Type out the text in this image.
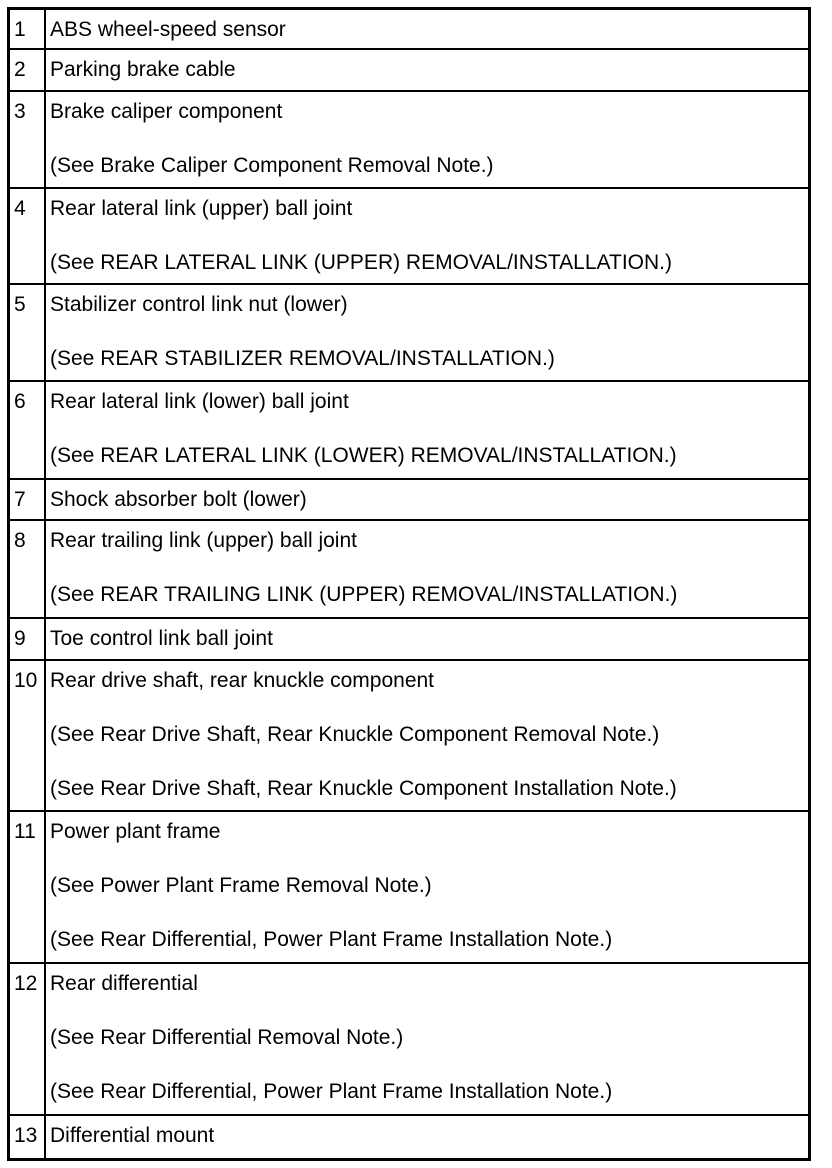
1	ABS wheel-speed sensor
2	Parking brake cable
3	Brake caliper component
(See Brake Caliper Component Removal Note.)
4	Rear lateral link (upper) ball joint
(See REAR LATERAL LINK (UPPER) REMOVAL/INSTALLATION.)
5	Stabilizer control link nut (lower)
(See REAR STABILIZER REMOVAL/INSTALLATION.)
6	Rear lateral link (lower) ball joint
(See REAR LATERAL LINK (LOWER) REMOVAL/INSTALLATION.)
7	Shock absorber bolt (lower)
8	Rear trailing link (upper) ball joint
(See REAR TRAILING LINK (UPPER) REMOVAL/INSTALLATION.)
9	Toe control link ball joint
10 Rear drive shaft, rear knuckle component
(See Rear Drive Shaft, Rear Knuckle Component Removal Note.)
(See Rear Drive Shaft, Rear Knuckle Component Installation Note.)
11 Power plant frame
(See Power Plant Frame Removal Note.)
(See Rear Differential, Power Plant Frame Installation Note.)
12 Rear differential
(See Rear Differential Removal Note.)
(See Rear Differential, Power Plant Frame Installation Note.)
13 Differential mount
